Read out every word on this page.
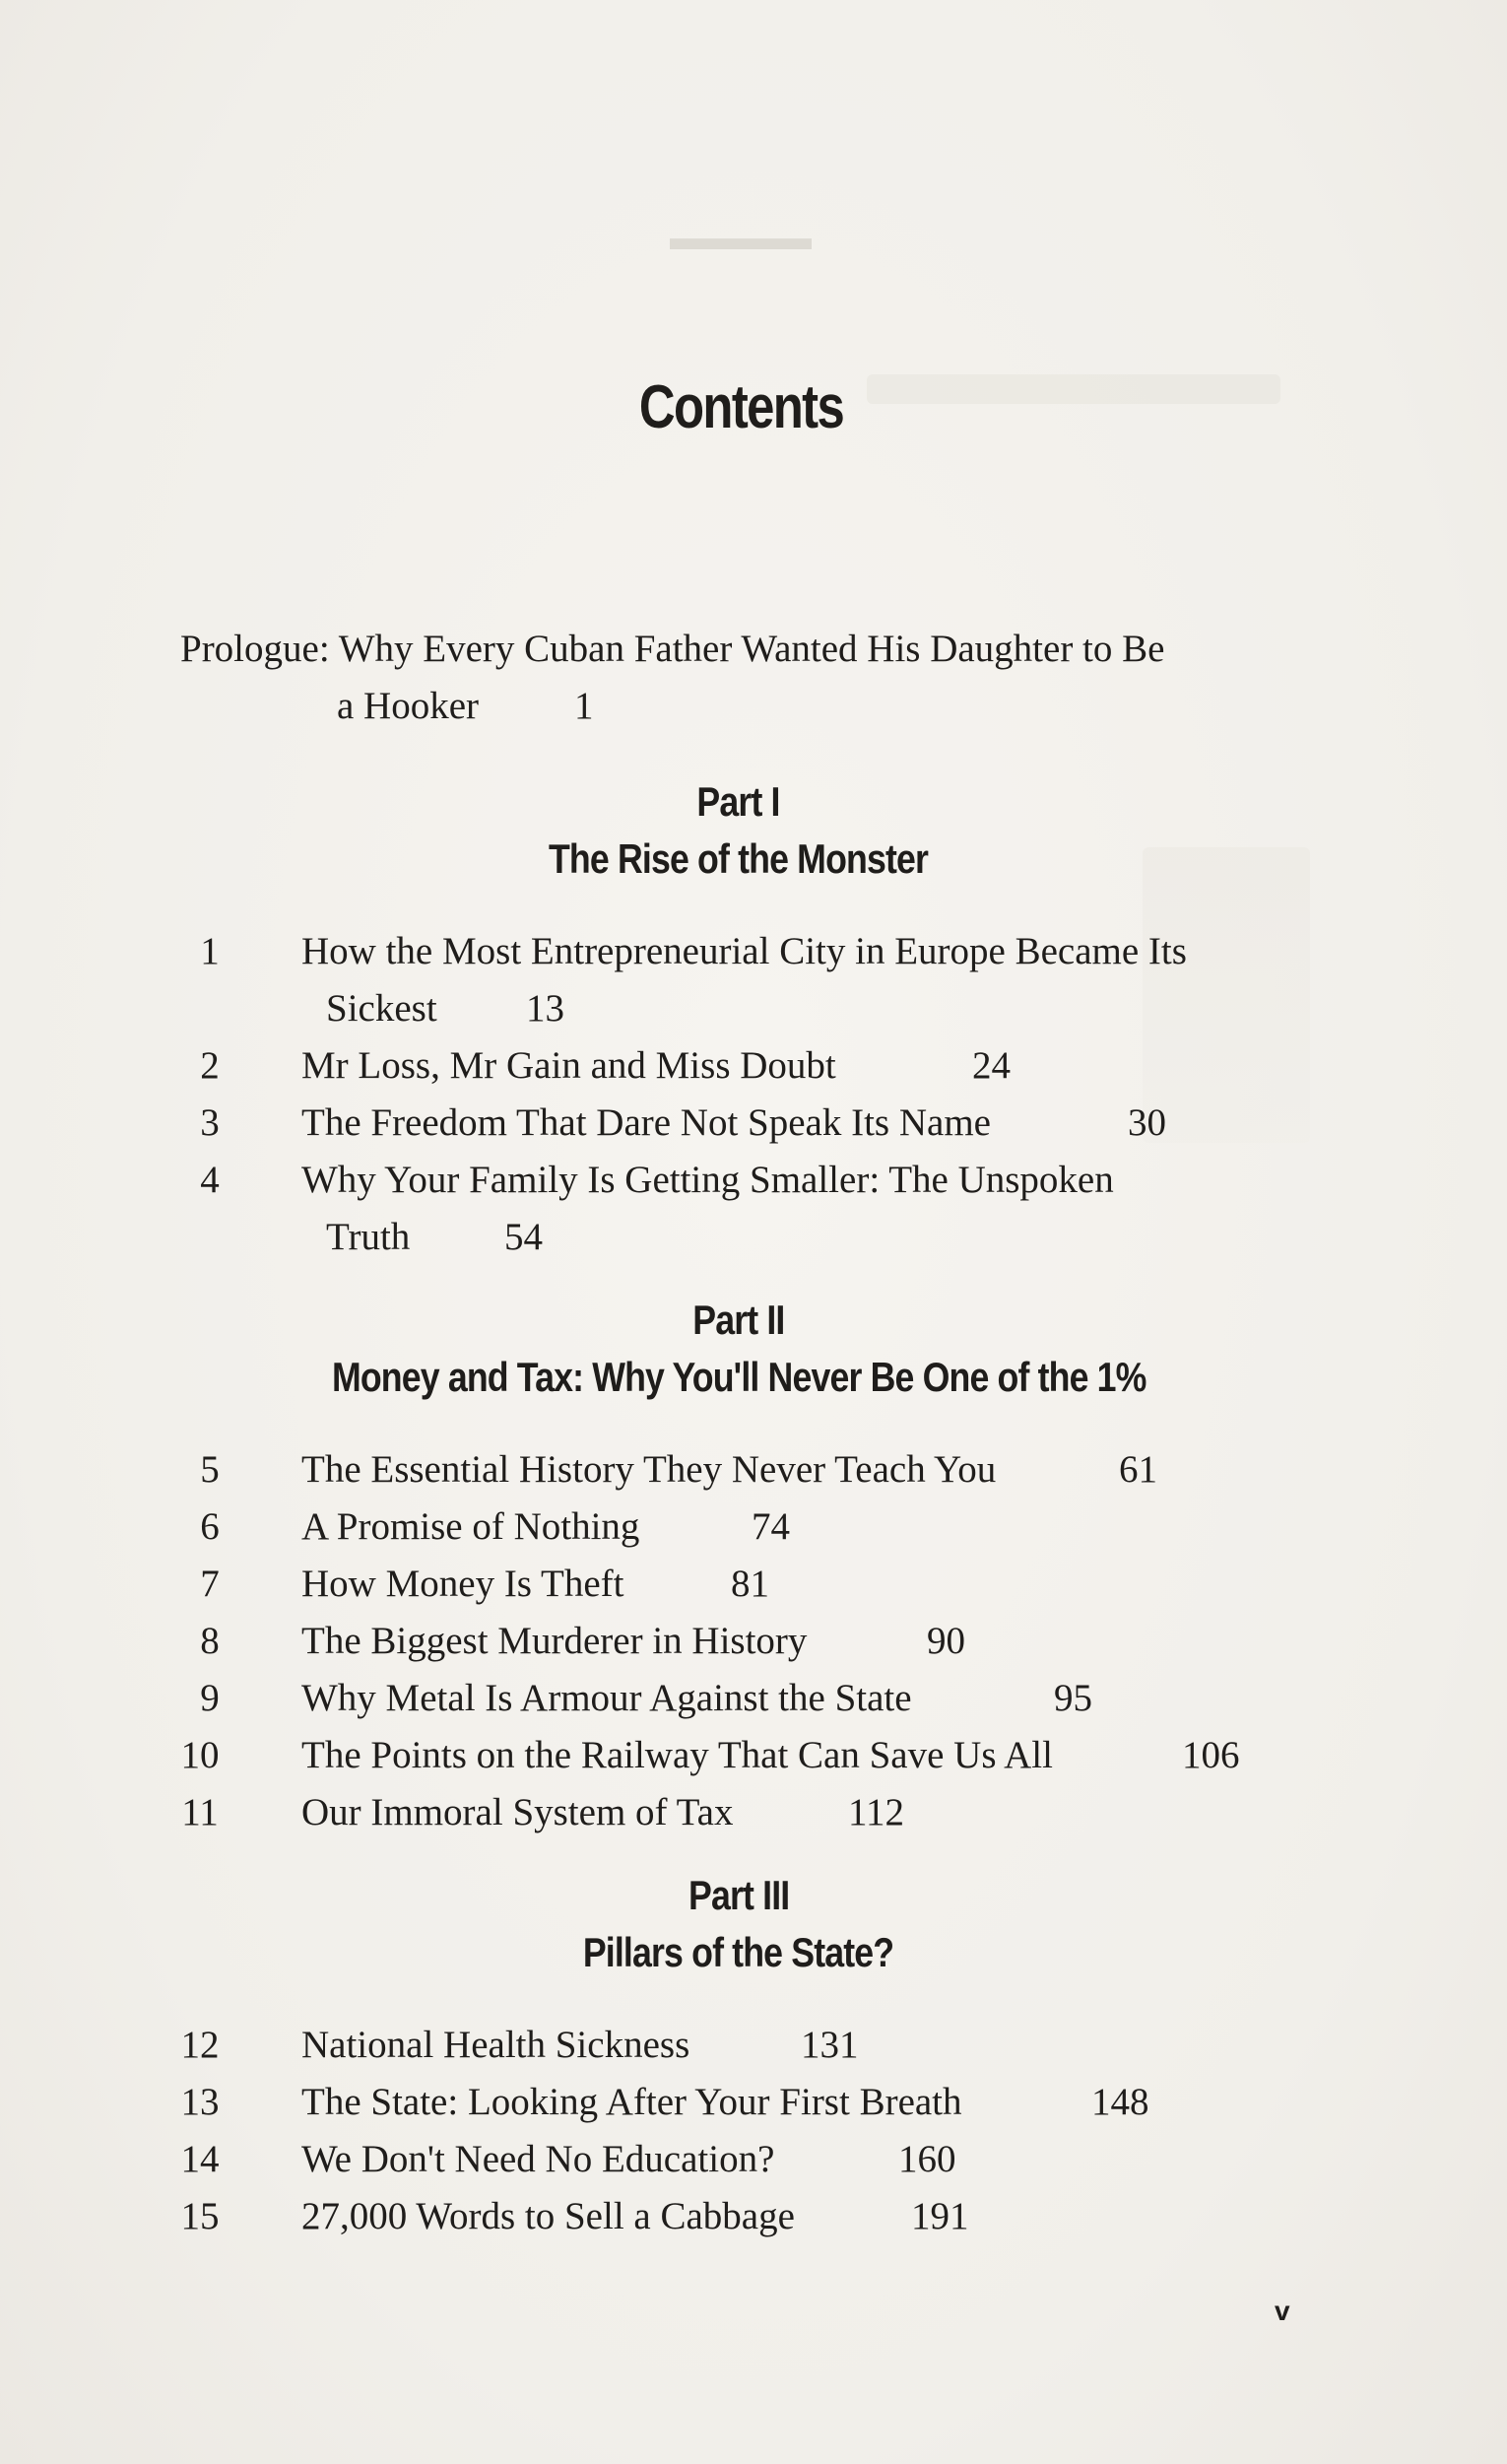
▬▬▬▬
Contents
Prologue: Why Every Cuban Father Wanted His Daughter to Be
a Hooker 1
Part I
The Rise of the Monster
1	How the Most Entrepreneurial City in Europe Became Its
Sickest 13
2	Mr Loss, Mr Gain and Miss Doubt	24
3	The Freedom That Dare Not Speak Its Name	30
4	Why Your Family Is Getting Smaller: The Unspoken
Truth 54
Part II
Money and Tax: Why You'll Never Be One of the 1%
5	The Essential History They Never Teach You	61
6	A Promise of Nothing	74
7	How Money Is Theft	81
8	The Biggest Murderer in History	90
9	Why Metal Is Armour Against the State	95
10 The Points on the Railway That Can Save Us All	106
11 Our Immoral System of Tax	112
Part III
Pillars of the State?
12 National Health Sickness	131
13 The State: Looking After Your First Breath	148
14 We Don't Need No Education?	160
15 27,000 Words to Sell a Cabbage	191
v
